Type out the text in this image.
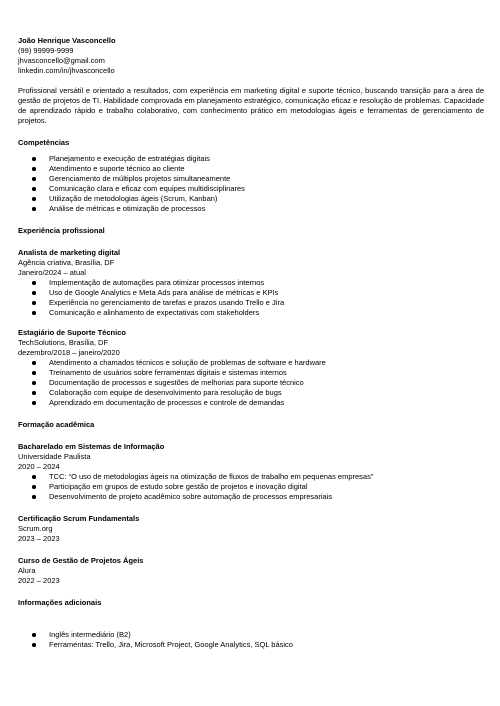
João Henrique Vasconcello
(99) 99999-9999
jhvasconcello@gmail.com
linkedin.com/in/jhvasconcello
Profissional versátil e orientado a resultados, com experiência em marketing digital e suporte técnico, buscando transição para a área de gestão de projetos de TI. Habilidade comprovada em planejamento estratégico, comunicação eficaz e resolução de problemas. Capacidade de aprendizado rápido e trabalho colaborativo, com conhecimento prático em metodologias ágeis e ferramentas de gerenciamento de projetos.
Competências
Planejamento e execução de estratégias digitais
Atendimento e suporte técnico ao cliente
Gerenciamento de múltiplos projetos simultaneamente
Comunicação clara e eficaz com equipes multidisciplinares
Utilização de metodologias ágeis (Scrum, Kanban)
Análise de métricas e otimização de processos
Experiência profissional
Analista de marketing digital
Agência criativa, Brasília, DF
Janeiro/2024 – atual
Implementação de automações para otimizar processos internos
Uso de Google Analytics e Meta Ads para análise de métricas e KPIs
Experiência no gerenciamento de tarefas e prazos usando Trello e Jira
Comunicação e alinhamento de expectativas com stakeholders
Estagiário de Suporte Técnico
TechSolutions, Brasília, DF
dezembro/2018 – janeiro/2020
Atendimento a chamados técnicos e solução de problemas de software e hardware
Treinamento de usuários sobre ferramentas digitais e sistemas internos
Documentação de processos e sugestões de melhorias para suporte técnico
Colaboração com equipe de desenvolvimento para resolução de bugs
Aprendizado em documentação de processos e controle de demandas
Formação acadêmica
Bacharelado em Sistemas de Informação
Universidade Paulista
2020 – 2024
TCC: “O uso de metodologias ágeis na otimização de fluxos de trabalho em pequenas empresas”
Participação em grupos de estudo sobre gestão de projetos e inovação digital
Desenvolvimento de projeto acadêmico sobre automação de processos empresariais
Certificação Scrum Fundamentals
Scrum.org
2023 – 2023
Curso de Gestão de Projetos Ágeis
Alura
2022 – 2023
Informações adicionais
Inglês intermediário (B2)
Ferramentas: Trello, Jira, Microsoft Project, Google Analytics, SQL básico
